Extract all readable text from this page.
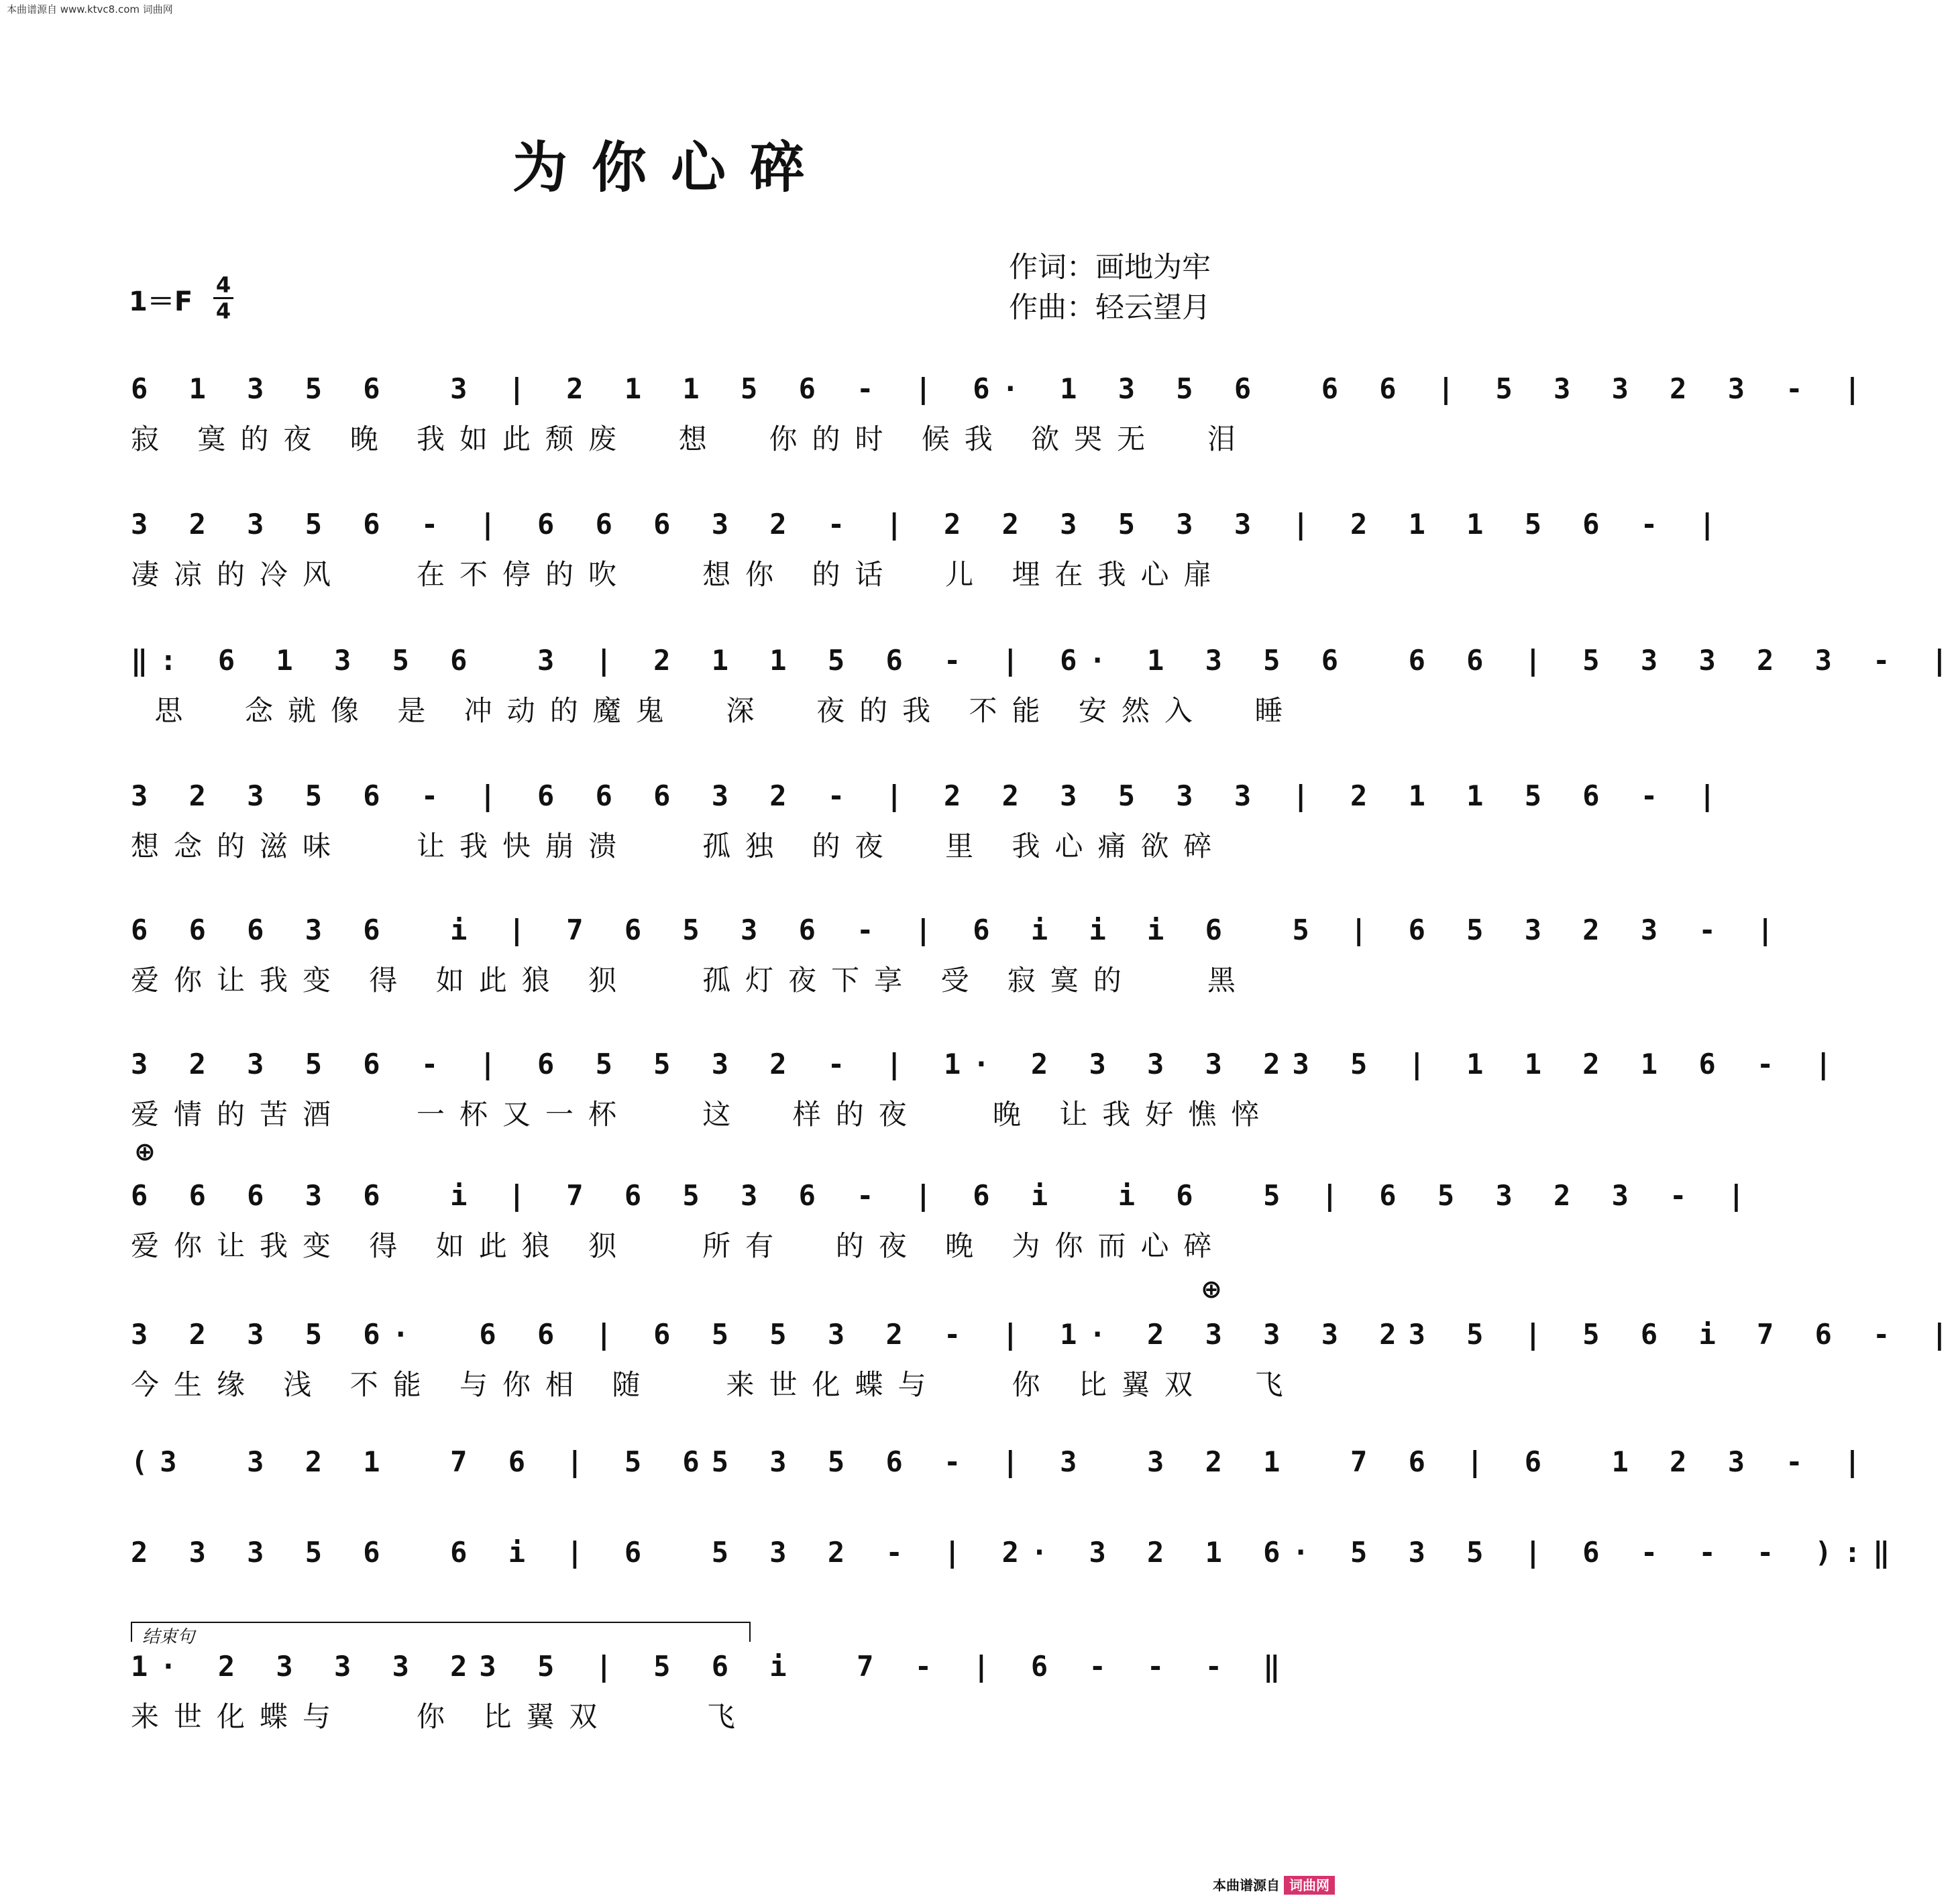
本曲谱源自 www.ktvc8.com 词曲网
为你心碎
作词：画地为牢
作曲：轻云望月
1＝F
4
4
6 1 3 5 6  3 | 2 1 1 5 6 - | 6· 1 3 5 6  6 6 | 5 3 3 2 3 - |
寂 寞的夜 晚 我如此颓废  想  你的时 候我 欲哭无  泪
3 2 3 5 6 - | 6 6 6 3 2 - | 2 2 3 5 3 3 | 2 1 1 5 6 - |
凄凉的冷风   在不停的吹   想你 的话  儿 埋在我心扉
‖: 6 1 3 5 6  3 | 2 1 1 5 6 - | 6· 1 3 5 6  6 6 | 5 3 3 2 3 - |
思  念就像 是 冲动的魔鬼  深  夜的我 不能 安然入  睡
3 2 3 5 6 - | 6 6 6 3 2 - | 2 2 3 5 3 3 | 2 1 1 5 6 - |
想念的滋味   让我快崩溃   孤独 的夜  里 我心痛欲碎
6 6 6 3 6  i | 7 6 5 3 6 - | 6 i i i 6  5 | 6 5 3 2 3 - |
爱你让我变 得 如此狼 狈   孤灯夜下享 受 寂寞的   黑
3 2 3 5 6 - | 6 5 5 3 2 - | 1· 2 3 3 3 23 5 | 1 1 2 1 6 - |
爱情的苦酒   一杯又一杯   这  样的夜   晚 让我好憔悴
⊕
6 6 6 3 6  i | 7 6 5 3 6 - | 6 i  i 6  5 | 6 5 3 2 3 - |
爱你让我变 得 如此狼 狈   所有  的夜 晚 为你而心碎
⊕
3 2 3 5 6·  6 6 | 6 5 5 3 2 - | 1· 2 3 3 3 23 5 | 5 6 i 7 6 - |
今生缘 浅 不能 与你相 随   来世化蝶与   你 比翼双  飞
(3  3 2 1  7 6 | 5 65 3 5 6 - | 3  3 2 1  7 6 | 6  1 2 3 - |
2 3 3 5 6  6 i | 6  5 3 2 - | 2· 3 2 1 6· 5 3 5 | 6 - - - ):‖
结束句
1· 2 3 3 3 23 5 | 5 6 i  7 - | 6 - - - ‖
来世化蝶与   你 比翼双    飞
本曲谱源自 词曲网
